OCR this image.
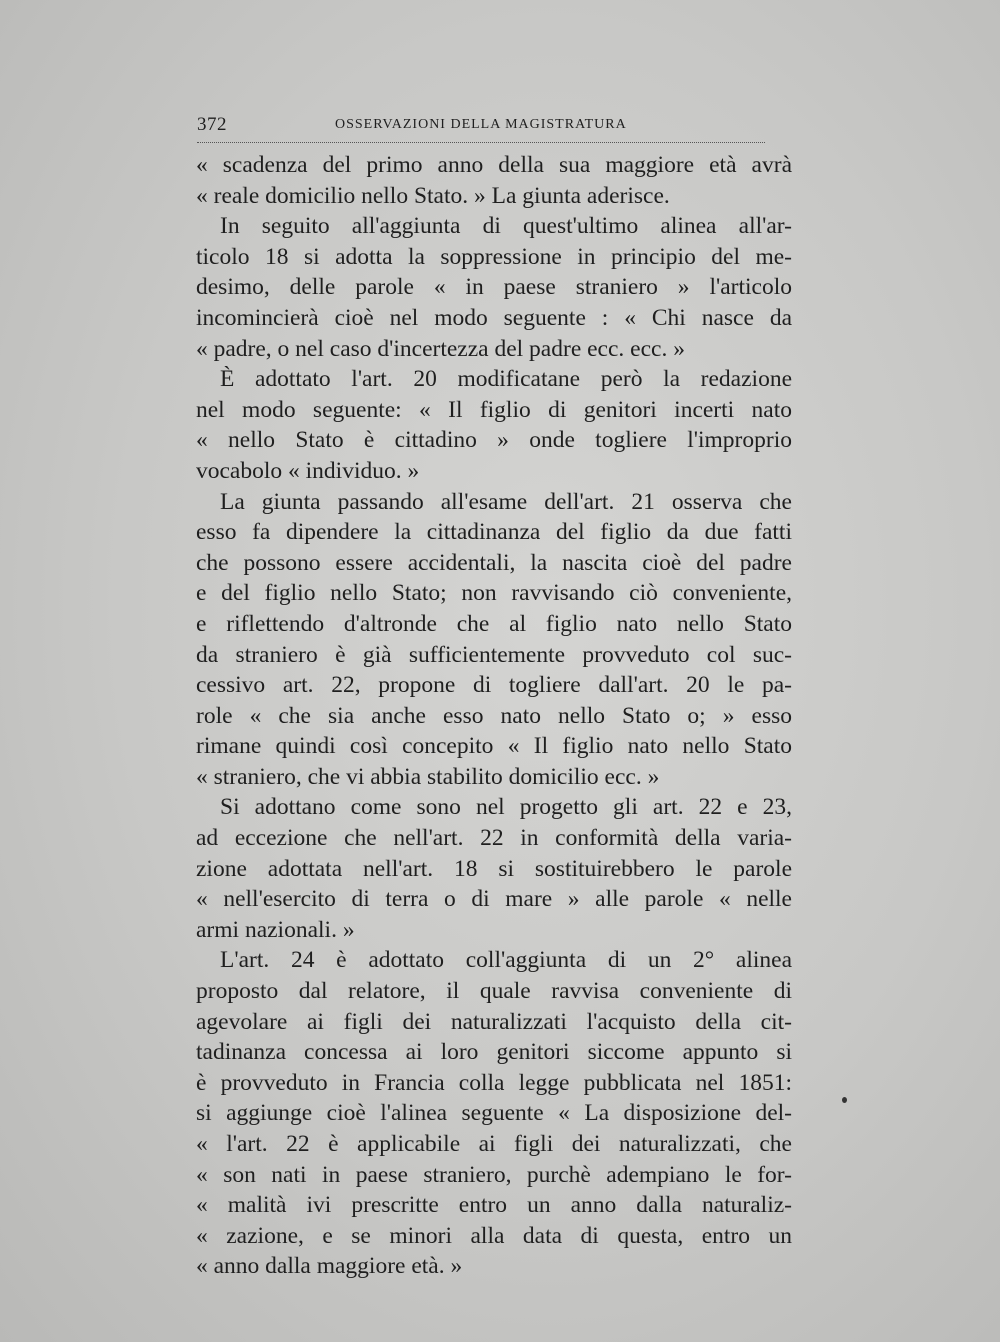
372	OSSERVAZIONI DELLA MAGISTRATURA
« scadenza del primo anno della sua maggiore età avrà
« reale domicilio nello Stato. » La giunta aderisce.
In seguito all'aggiunta di quest'ultimo alinea all'ar-
ticolo 18 si adotta la soppressione in principio del me-
desimo, delle parole « in paese straniero » l'articolo
incomincierà cioè nel modo seguente : « Chi nasce da
« padre, o nel caso d'incertezza del padre ecc. ecc. »
È adottato l'art. 20 modificatane però la redazione
nel modo seguente: « Il figlio di genitori incerti nato
« nello Stato è cittadino » onde togliere l'improprio
vocabolo « individuo. »
La giunta passando all'esame dell'art. 21 osserva che
esso fa dipendere la cittadinanza del figlio da due fatti
che possono essere accidentali, la nascita cioè del padre
e del figlio nello Stato; non ravvisando ciò conveniente,
e riflettendo d'altronde che al figlio nato nello Stato
da straniero è già sufficientemente provveduto col suc-
cessivo art. 22, propone di togliere dall'art. 20 le pa-
role « che sia anche esso nato nello Stato o; » esso
rimane quindi così concepito « Il figlio nato nello Stato
« straniero, che vi abbia stabilito domicilio ecc. »
Si adottano come sono nel progetto gli art. 22 e 23,
ad eccezione che nell'art. 22 in conformità della varia-
zione adottata nell'art. 18 si sostituirebbero le parole
« nell'esercito di terra o di mare » alle parole « nelle
armi nazionali. »
L'art. 24 è adottato coll'aggiunta di un 2° alinea
proposto dal relatore, il quale ravvisa conveniente di
agevolare ai figli dei naturalizzati l'acquisto della cit-
tadinanza concessa ai loro genitori siccome appunto si
è provveduto in Francia colla legge pubblicata nel 1851:
si aggiunge cioè l'alinea seguente « La disposizione del-
« l'art. 22 è applicabile ai figli dei naturalizzati, che
« son nati in paese straniero, purchè adempiano le for-
« malità ivi prescritte entro un anno dalla naturaliz-
« zazione, e se minori alla data di questa, entro un
« anno dalla maggiore età. »
